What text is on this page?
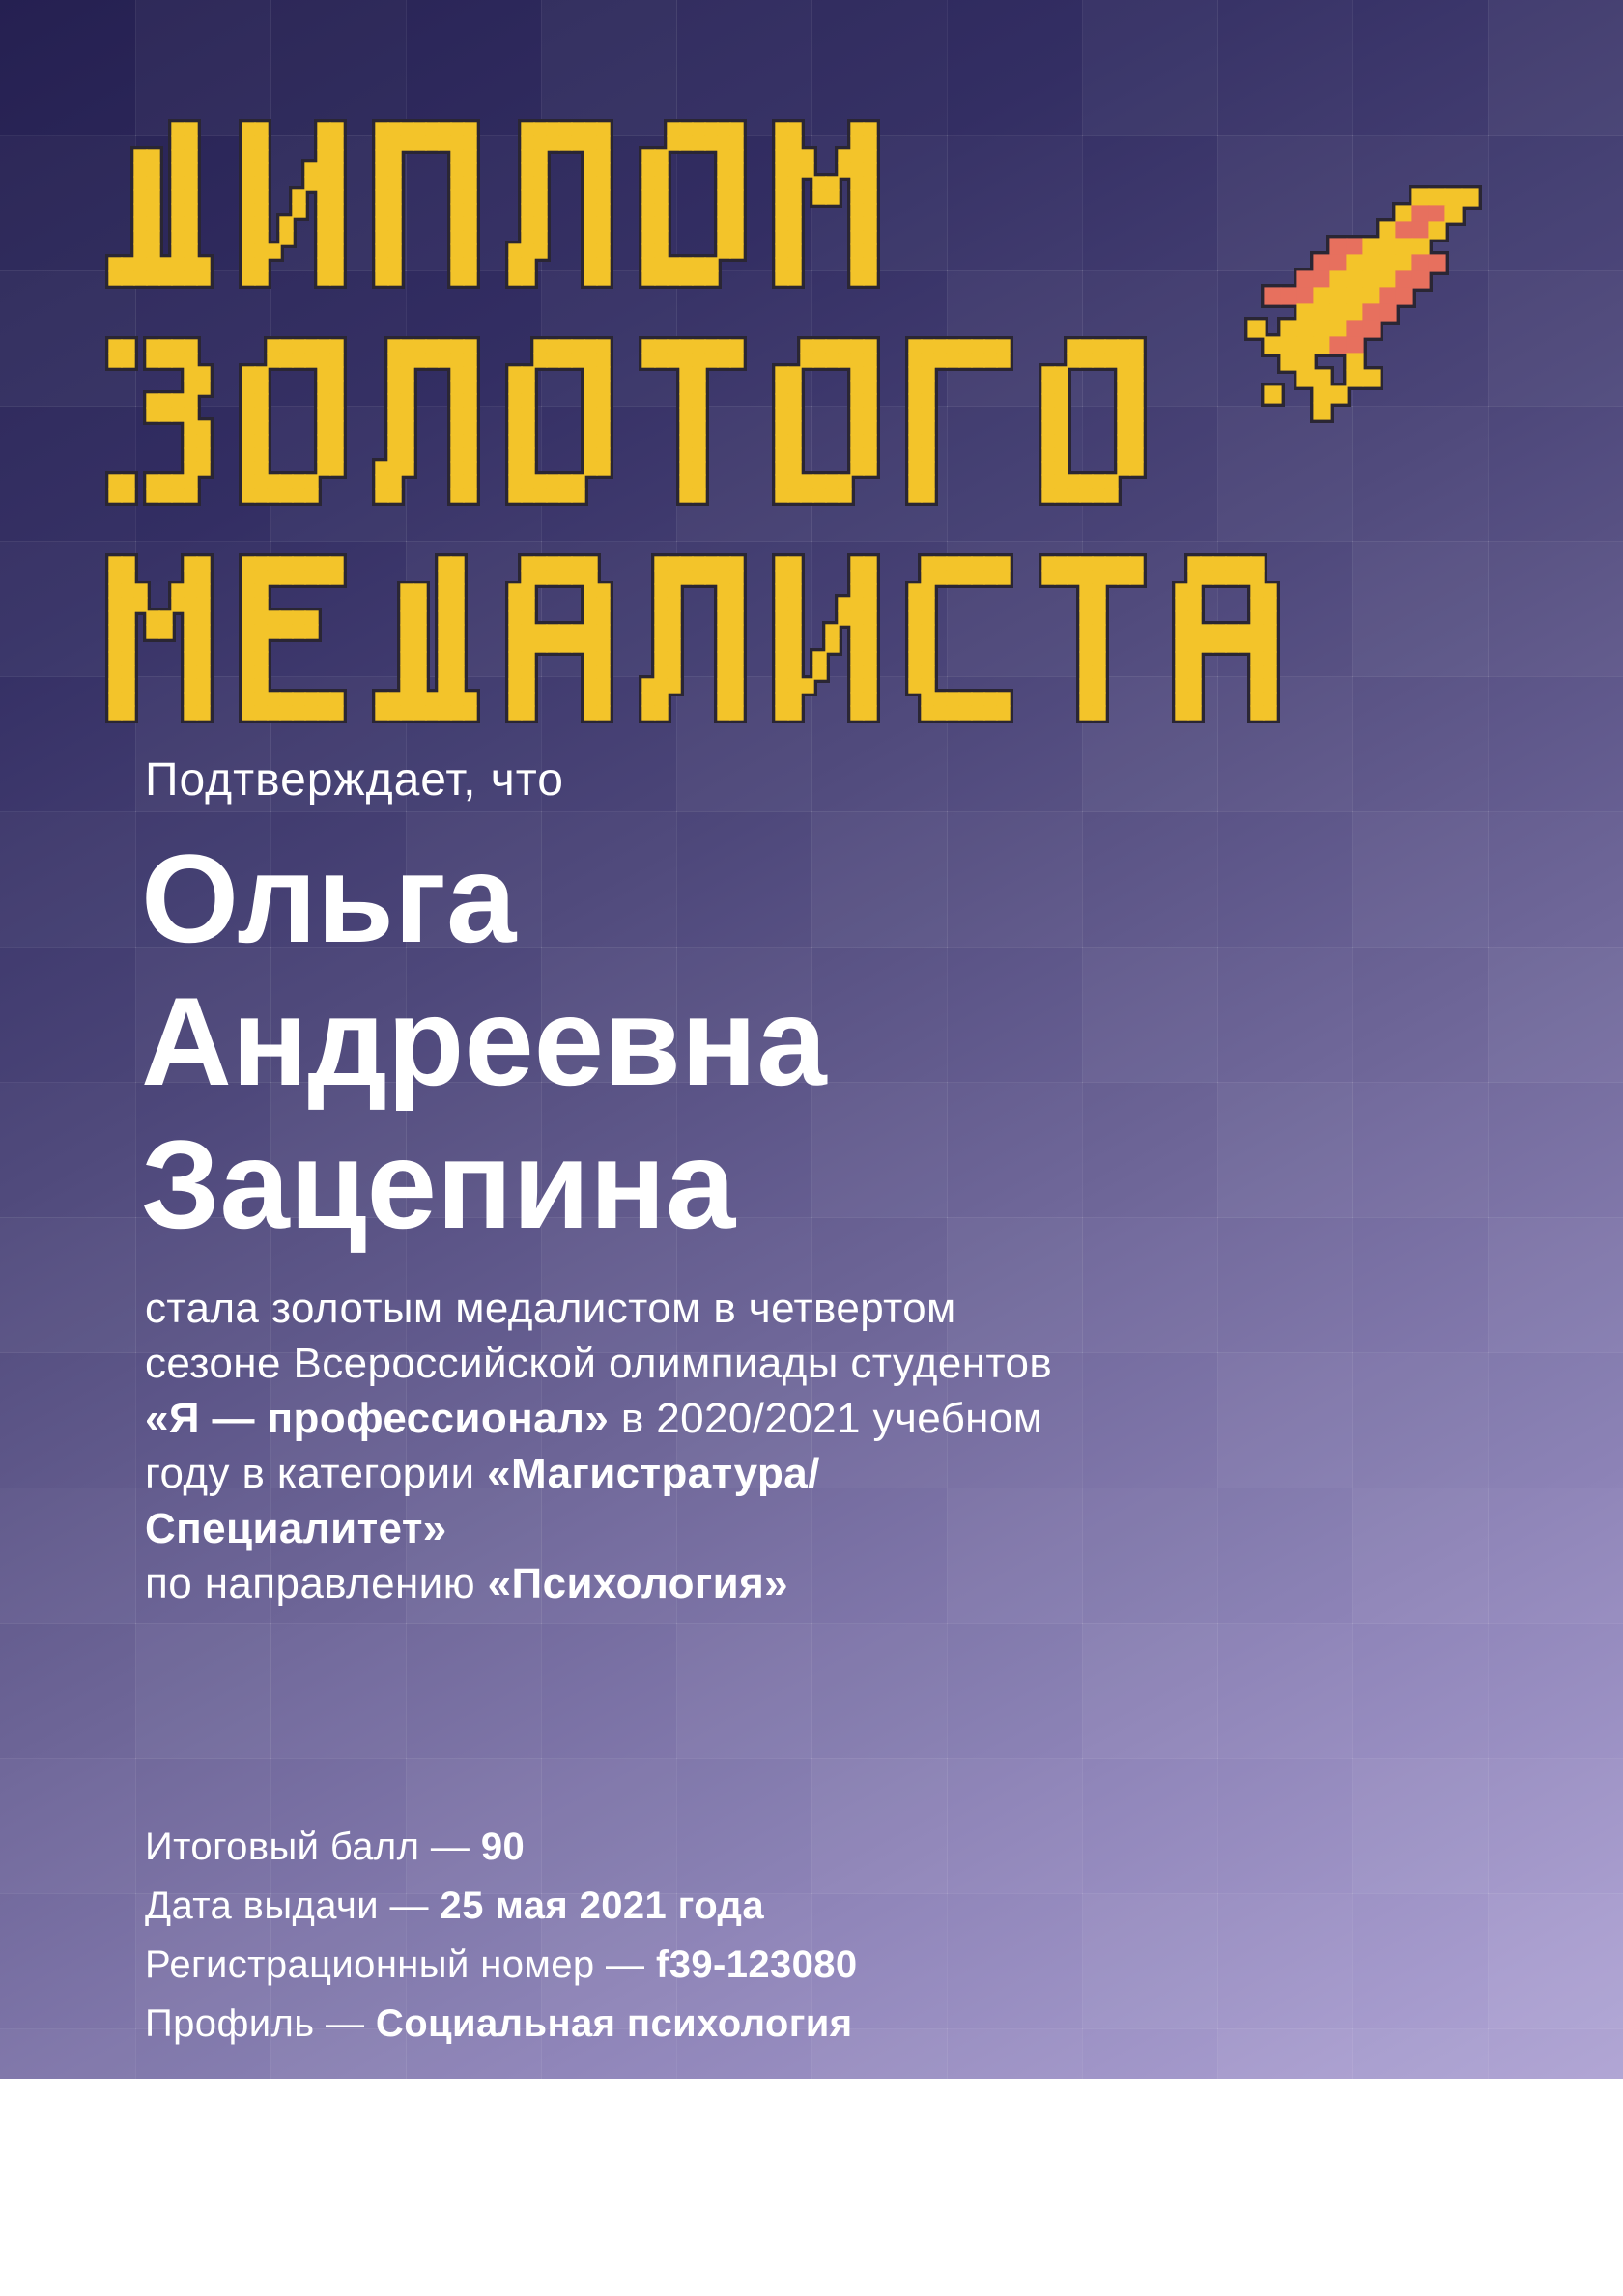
Подтверждает, что
Ольга
Андреевна
Зацепина
стала золотым медалистом в четвертом
сезоне Всероссийской олимпиады студентов
«Я — профессионал» в 2020/2021 учебном
году в категории «Магистратура/
Специалитет»
по направлению «Психология»
Итоговый балл — 90
Дата выдачи — 25 мая 2021 года
Регистрационный номер — f39-123080
Профиль — Социальная психология
